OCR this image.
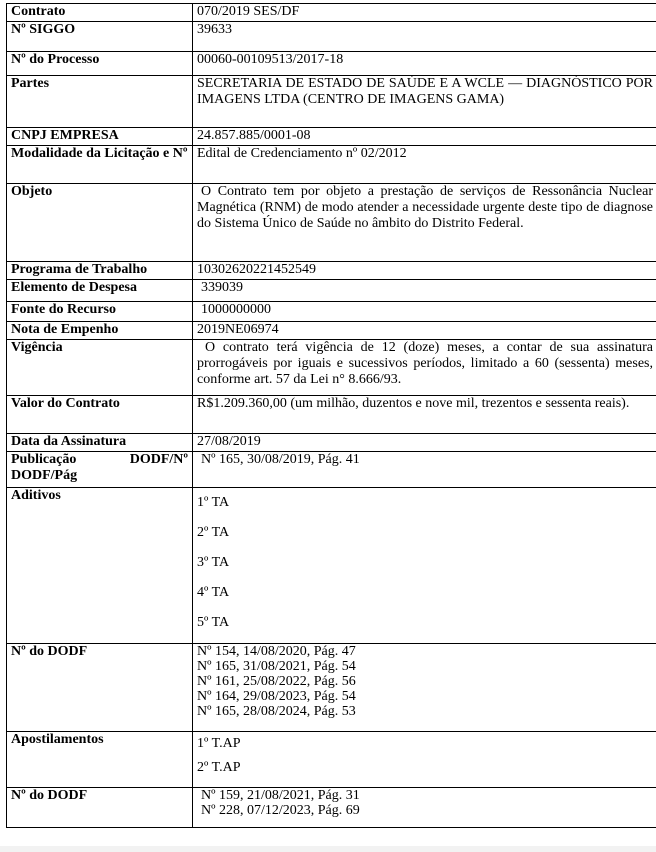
Contrato	070/2019 SES/DF
Nº SIGGO	39633
Nº do Processo	00060-00109513/2017-18
Partes	SECRETARIA DE ESTADO DE SAÚDE E A WCLE — DIAGNÓSTICO POR IMAGENS LTDA (CENTRO DE IMAGENS GAMA)
CNPJ EMPRESA	24.857.885/0001-08
Modalidade da Licitação e Nº	Edital de Credenciamento nº 02/2012
Objeto	O Contrato tem por objeto a prestação de serviços de Ressonância Nuclear Magnética (RNM) de modo atender a necessidade urgente deste tipo de diagnose do Sistema Único de Saúde no âmbito do Distrito Federal.
Programa de Trabalho	10302620221452549
Elemento de Despesa	339039
Fonte do Recurso	1000000000
Nota de Empenho	2019NE06974
Vigência	O contrato terá vigência de 12 (doze) meses, a contar de sua assinatura prorrogáveis por iguais e sucessivos períodos, limitado a 60 (sessenta) meses, conforme art. 57 da Lei n° 8.666/93.
Valor do Contrato	R$1.209.360,00 (um milhão, duzentos e nove mil, trezentos e sessenta reais).
Data da Assinatura	27/08/2019

Publicação DODF/Nº
DODF/Pág	Nº 165, 30/08/2019, Pág. 41
Aditivos	1º TA
2º TA
3º TA
4º TA
5º TA

Nº do DODF	Nº 154, 14/08/2020, Pág. 47
Nº 165, 31/08/2021, Pág. 54
Nº 161, 25/08/2022, Pág. 56
Nº 164, 29/08/2023, Pág. 54
Nº 165, 28/08/2024, Pág. 53

Apostilamentos	1º T.AP
2º T.AP

Nº do DODF	Nº 159, 21/08/2021, Pág. 31
Nº 228, 07/12/2023, Pág. 69
